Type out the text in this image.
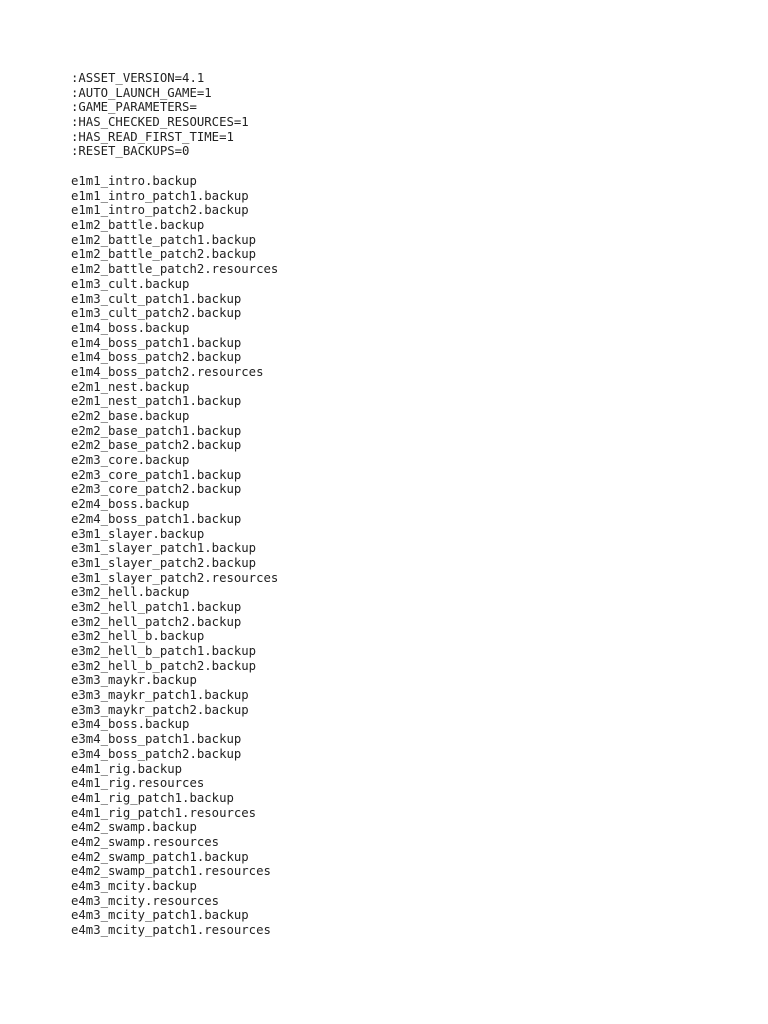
:ASSET_VERSION=4.1
:AUTO_LAUNCH_GAME=1
:GAME_PARAMETERS=
:HAS_CHECKED_RESOURCES=1
:HAS_READ_FIRST_TIME=1
:RESET_BACKUPS=0
e1m1_intro.backup
e1m1_intro_patch1.backup
e1m1_intro_patch2.backup
e1m2_battle.backup
e1m2_battle_patch1.backup
e1m2_battle_patch2.backup
e1m2_battle_patch2.resources
e1m3_cult.backup
e1m3_cult_patch1.backup
e1m3_cult_patch2.backup
e1m4_boss.backup
e1m4_boss_patch1.backup
e1m4_boss_patch2.backup
e1m4_boss_patch2.resources
e2m1_nest.backup
e2m1_nest_patch1.backup
e2m2_base.backup
e2m2_base_patch1.backup
e2m2_base_patch2.backup
e2m3_core.backup
e2m3_core_patch1.backup
e2m3_core_patch2.backup
e2m4_boss.backup
e2m4_boss_patch1.backup
e3m1_slayer.backup
e3m1_slayer_patch1.backup
e3m1_slayer_patch2.backup
e3m1_slayer_patch2.resources
e3m2_hell.backup
e3m2_hell_patch1.backup
e3m2_hell_patch2.backup
e3m2_hell_b.backup
e3m2_hell_b_patch1.backup
e3m2_hell_b_patch2.backup
e3m3_maykr.backup
e3m3_maykr_patch1.backup
e3m3_maykr_patch2.backup
e3m4_boss.backup
e3m4_boss_patch1.backup
e3m4_boss_patch2.backup
e4m1_rig.backup
e4m1_rig.resources
e4m1_rig_patch1.backup
e4m1_rig_patch1.resources
e4m2_swamp.backup
e4m2_swamp.resources
e4m2_swamp_patch1.backup
e4m2_swamp_patch1.resources
e4m3_mcity.backup
e4m3_mcity.resources
e4m3_mcity_patch1.backup
e4m3_mcity_patch1.resources
